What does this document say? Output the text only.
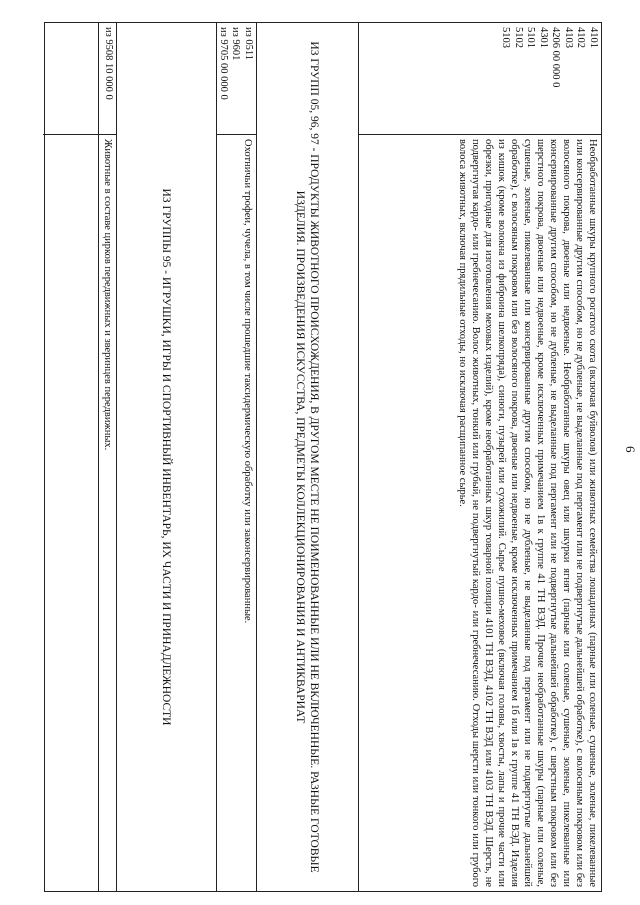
6
4101
4102
4103
4206 00 000 0
4301
5101
5102
5103
Необработанные шкуры крупного рогатого скота (включая буйволов) или животных семейства лошадиных (парные или соленые, сушеные, золеные, пикелеванные или консервированные другим способом, но не дубленые, не выделанные под пергамент или не подвергнутые дальнейшей обработке), с волосяным покровом или без волосяного покрова, двоеные или недвоеные. Необработанные шкуры овец или шкурки ягнят (парные или соленые, сушеные, золеные, пикелеванные или консервированные другим способом, но не дубленые, не выделанные под пергамент или не подвергнутые дальнейшей обработке), с шерстным покровом или без шерстного покрова, двоеные или недвоеные, кроме исключенных примечанием 1в к группе 41 ТН ВЭД. Прочие необработанные шкуры (парные или соленые, сушеные, золеные, пикелеванные или консервированные другим способом, но не дубленые, не выделанные под пергамент или не подвергнутые дальнейшей обработке), с волосяным покровом или без волосяного покрова, двоеные или недвоеные, кроме исключенных примечанием 1б или 1в к группе 41 ТН ВЭД. Изделия из кишок (кроме волокна из фиброина шелкопряда), синюги, пузырей или сухожилий. Сырье пушно-меховое (включая головы, хвосты, лапы и прочие части или обрезки, пригодные для изготовления меховых изделий), кроме необработанных шкур товарной позиции 4101 ТН ВЭД, 4102 ТН ВЭД или 4103 ТН ВЭД. Шерсть, не подвергнутая кардо- или гребнечесанию. Волос животных, тонкий или грубый, не подвергнутый кардо- или гребнечесанию. Отходы шерсти или тонкого или грубого волоса животных, включая прядильные отходы, но исключая расщипанное сырье.
ИЗ ГРУПП 05, 96, 97 - ПРОДУКТЫ ЖИВОТНОГО ПРОИСХОЖДЕНИЯ, В ДРУГОМ МЕСТЕ НЕ ПОИМЕНОВАННЫЕ ИЛИ НЕ ВКЛЮЧЕННЫЕ. РАЗНЫЕ ГОТОВЫЕ ИЗДЕЛИЯ. ПРОИЗВЕДЕНИЯ ИСКУССТВА, ПРЕДМЕТЫ КОЛЛЕКЦИОНИРОВАНИЯ И АНТИКВАРИАТ
из 0511
из 9601
из 9705 00 000 0
Охотничьи трофеи, чучела, в том числе прошедшие таксидермическую обработку или законсервированные.
ИЗ ГРУППЫ 95 - ИГРУШКИ, ИГРЫ И СПОРТИВНЫЙ ИНВЕНТАРЬ, ИХ ЧАСТИ И ПРИНАДЛЕЖНОСТИ
из 9508 10 000 0
Животные в составе цирков передвижных и зверинцев передвижных.
